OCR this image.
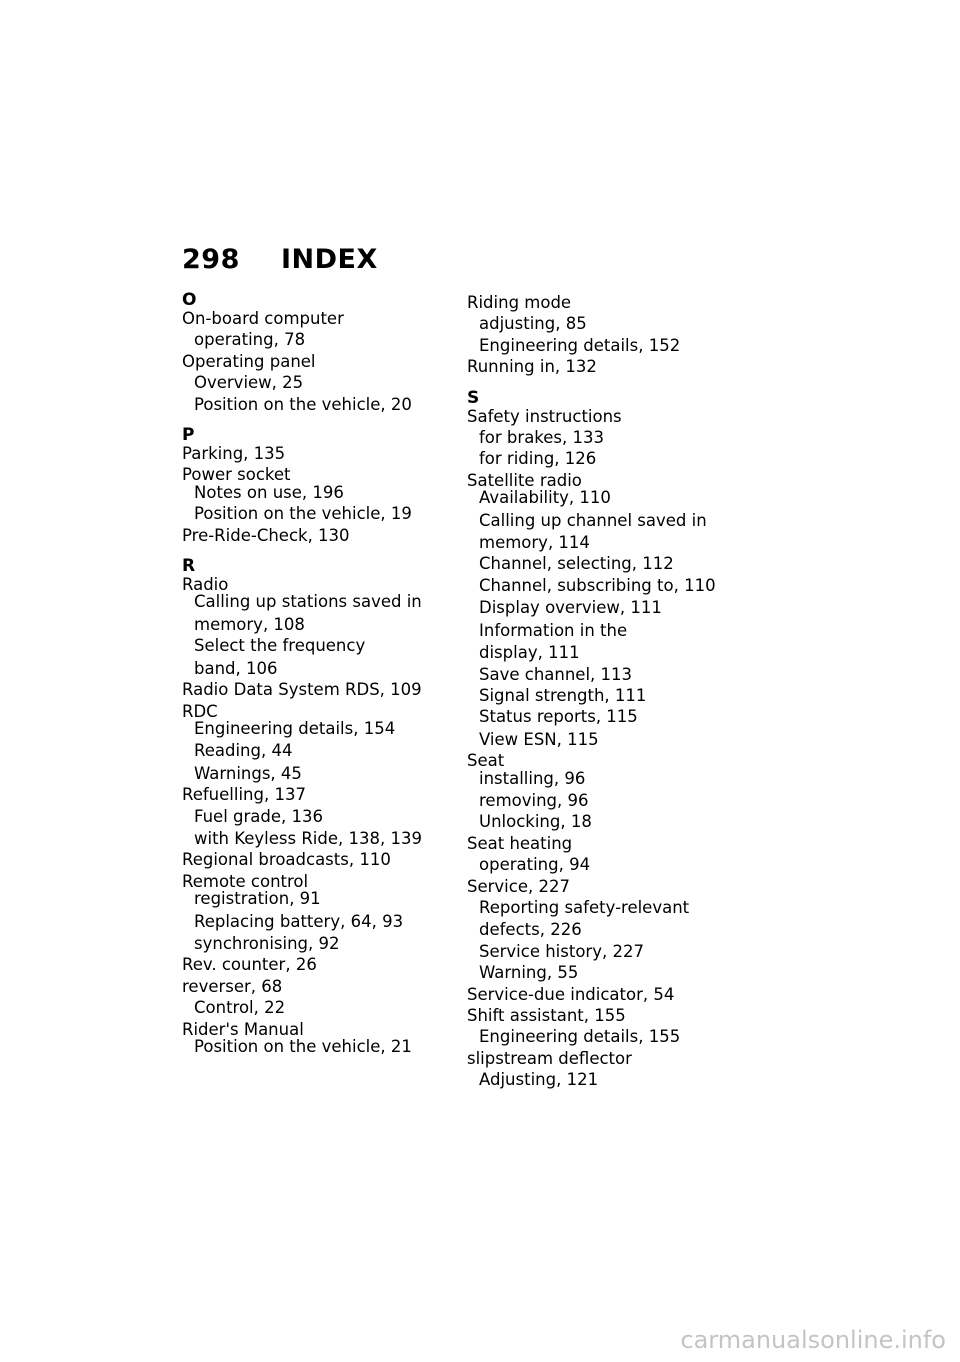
298 INDEX
O
On-board computer
operating, 78
Operating panel
Overview, 25
Position on the vehicle, 20
P
Parking, 135
Power socket
Notes on use, 196
Position on the vehicle, 19
Pre-Ride-Check, 130
R
Radio
Calling up stations saved in
memory, 108
Select the frequency
band, 106
Radio Data System RDS, 109
RDC
Engineering details, 154
Reading, 44
Warnings, 45
Refuelling, 137
Fuel grade, 136
with Keyless Ride, 138, 139
Regional broadcasts, 110
Remote control
registration, 91
Replacing battery, 64, 93
synchronising, 92
Rev. counter, 26
reverser, 68
Control, 22
Rider's Manual
Position on the vehicle, 21
Riding mode
adjusting, 85
Engineering details, 152
Running in, 132
S
Safety instructions
for brakes, 133
for riding, 126
Satellite radio
Availability, 110
Calling up channel saved in
memory, 114
Channel, selecting, 112
Channel, subscribing to, 110
Display overview, 111
Information in the
display, 111
Save channel, 113
Signal strength, 111
Status reports, 115
View ESN, 115
Seat
installing, 96
removing, 96
Unlocking, 18
Seat heating
operating, 94
Service, 227
Reporting safety-relevant
defects, 226
Service history, 227
Warning, 55
Service-due indicator, 54
Shift assistant, 155
Engineering details, 155
slipstream deflector
Adjusting, 121
carmanualsonline.info
